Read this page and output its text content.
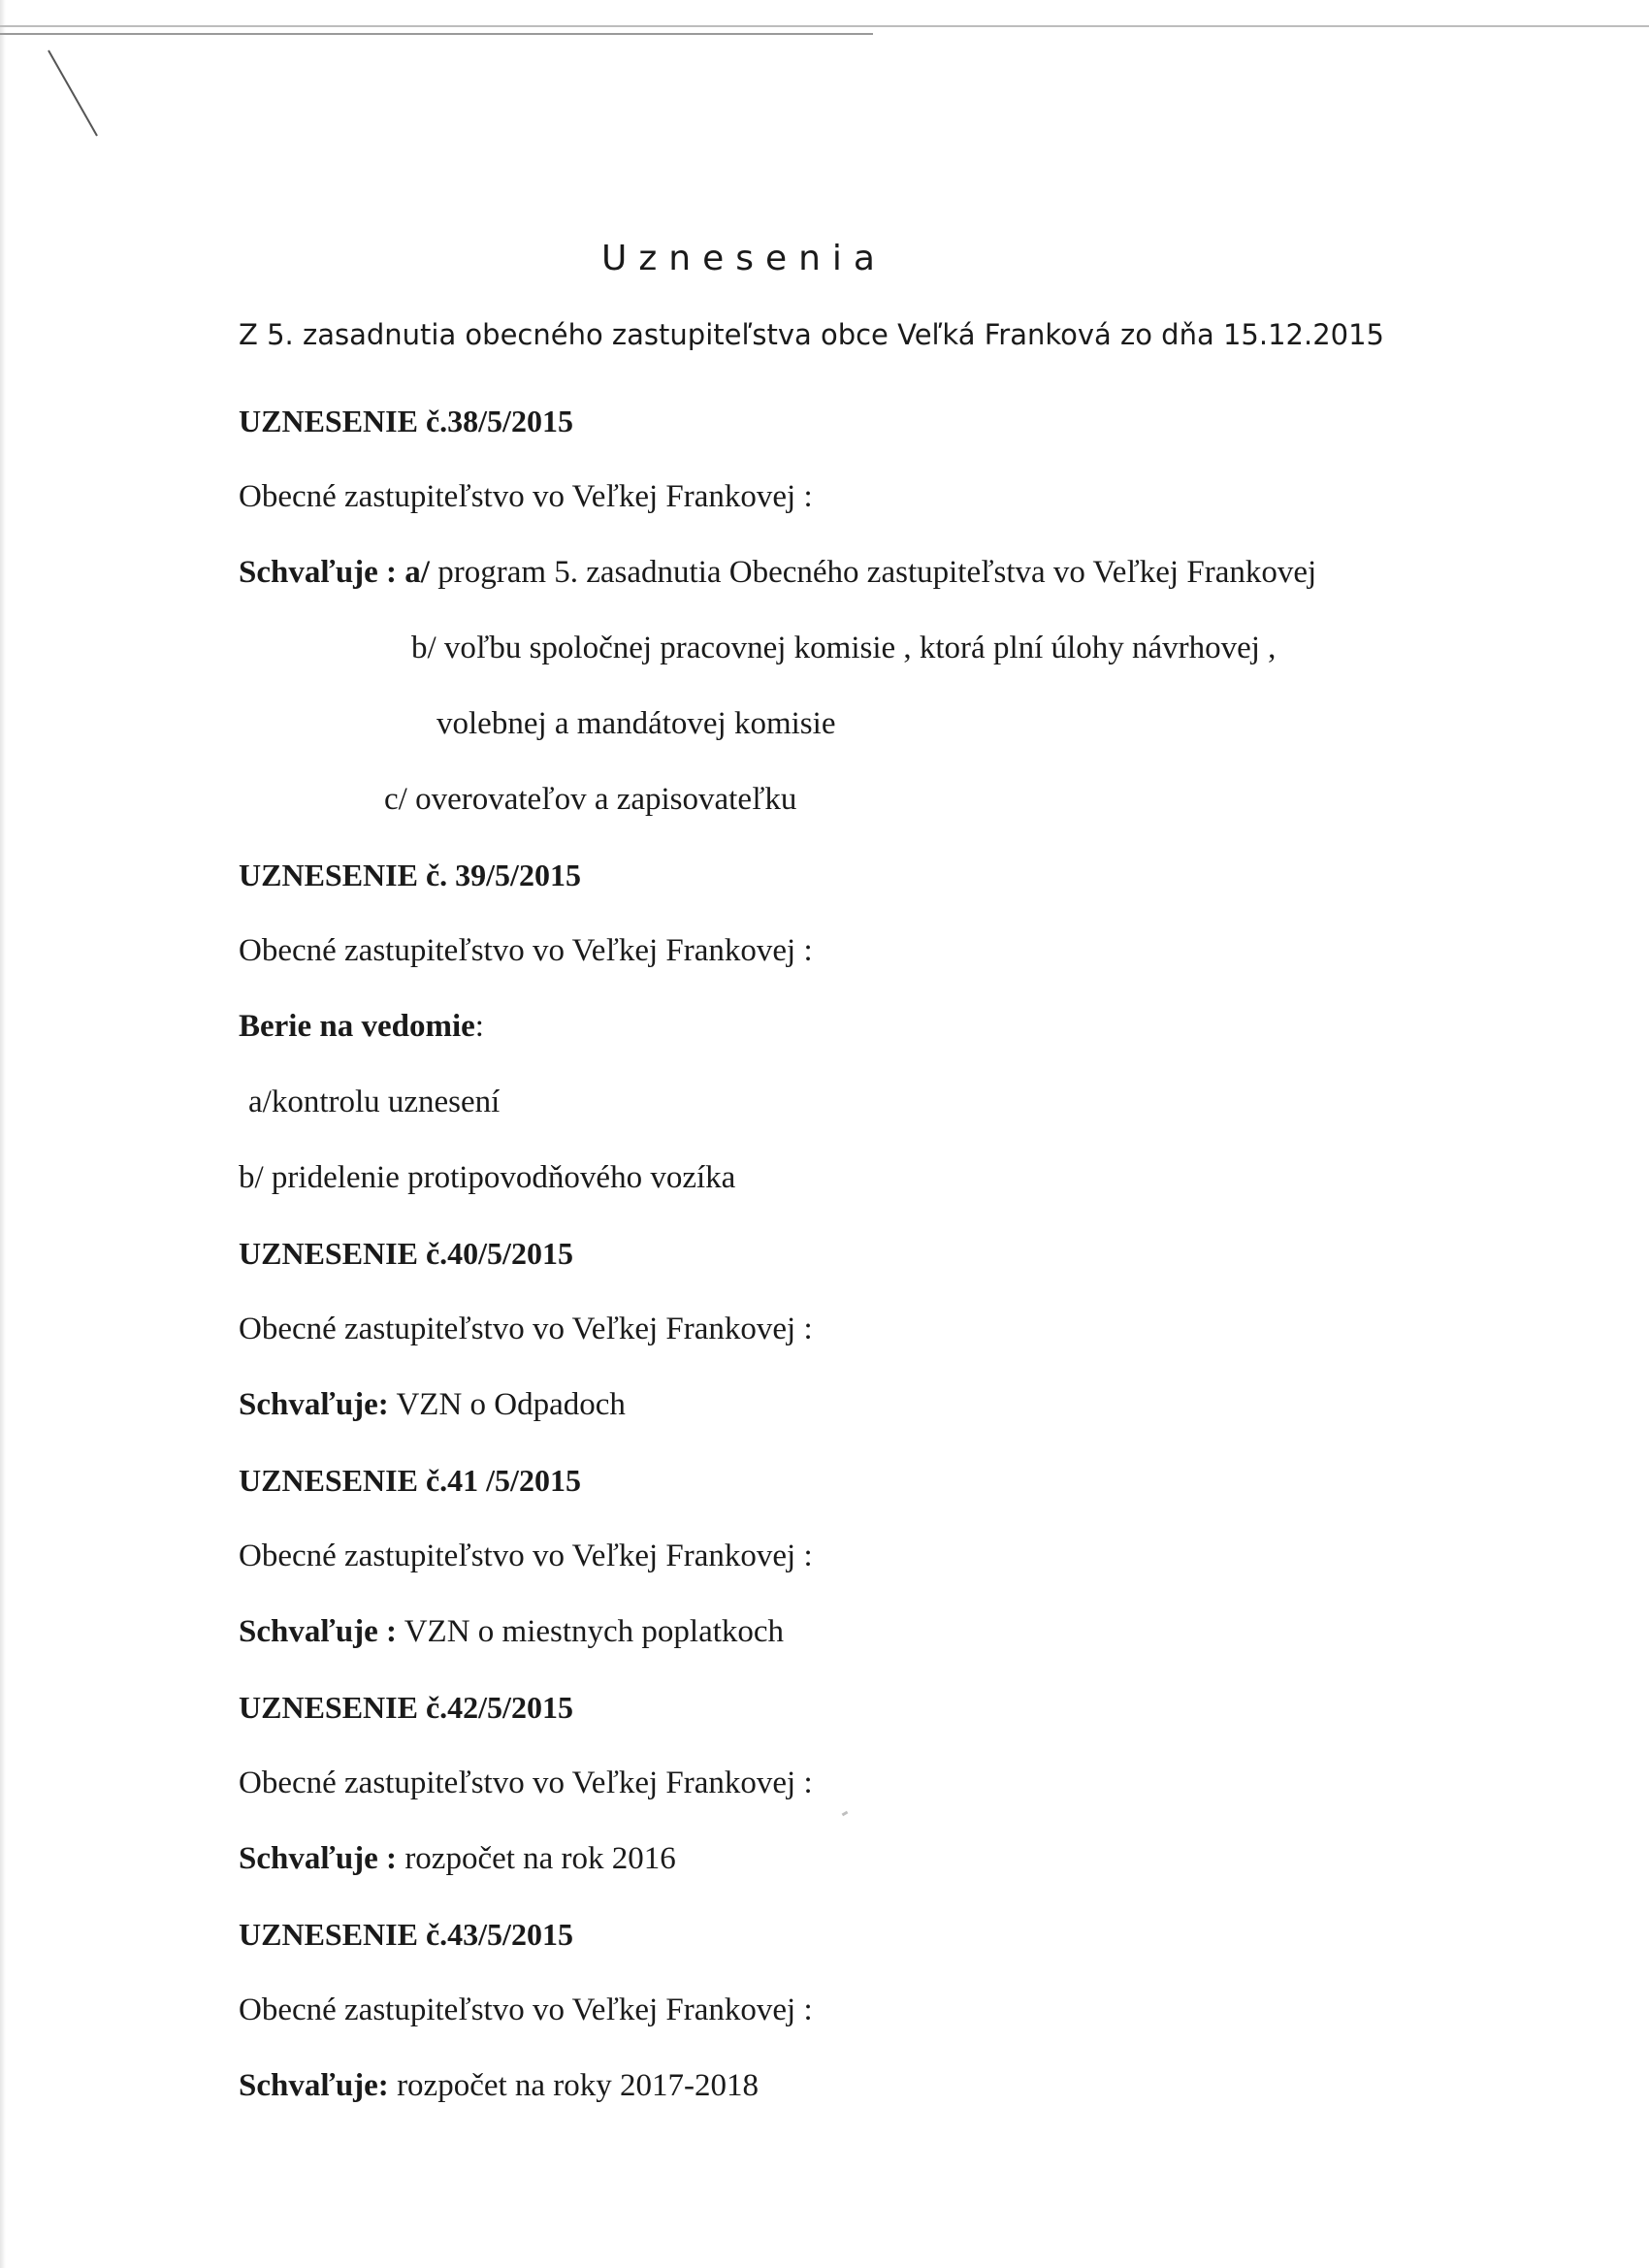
Uznesenia
Z 5. zasadnutia obecného zastupiteľstva obce Veľká Franková zo dňa 15.12.2015
UZNESENIE č.38/5/2015
Obecné zastupiteľstvo vo Veľkej Frankovej :
Schvaľuje : a/ program 5. zasadnutia Obecného zastupiteľstva vo Veľkej Frankovej
b/ voľbu spoločnej pracovnej komisie , ktorá plní úlohy návrhovej ,
volebnej a mandátovej komisie
c/ overovateľov a zapisovateľku
UZNESENIE č. 39/5/2015
Obecné zastupiteľstvo vo Veľkej Frankovej :
Berie na vedomie:
a/kontrolu uznesení
b/ pridelenie protipovodňového vozíka
UZNESENIE č.40/5/2015
Obecné zastupiteľstvo vo Veľkej Frankovej :
Schvaľuje: VZN o Odpadoch
UZNESENIE č.41 /5/2015
Obecné zastupiteľstvo vo Veľkej Frankovej :
Schvaľuje : VZN o miestnych poplatkoch
UZNESENIE č.42/5/2015
Obecné zastupiteľstvo vo Veľkej Frankovej :
Schvaľuje : rozpočet na rok 2016
UZNESENIE č.43/5/2015
Obecné zastupiteľstvo vo Veľkej Frankovej :
Schvaľuje: rozpočet na roky 2017-2018
